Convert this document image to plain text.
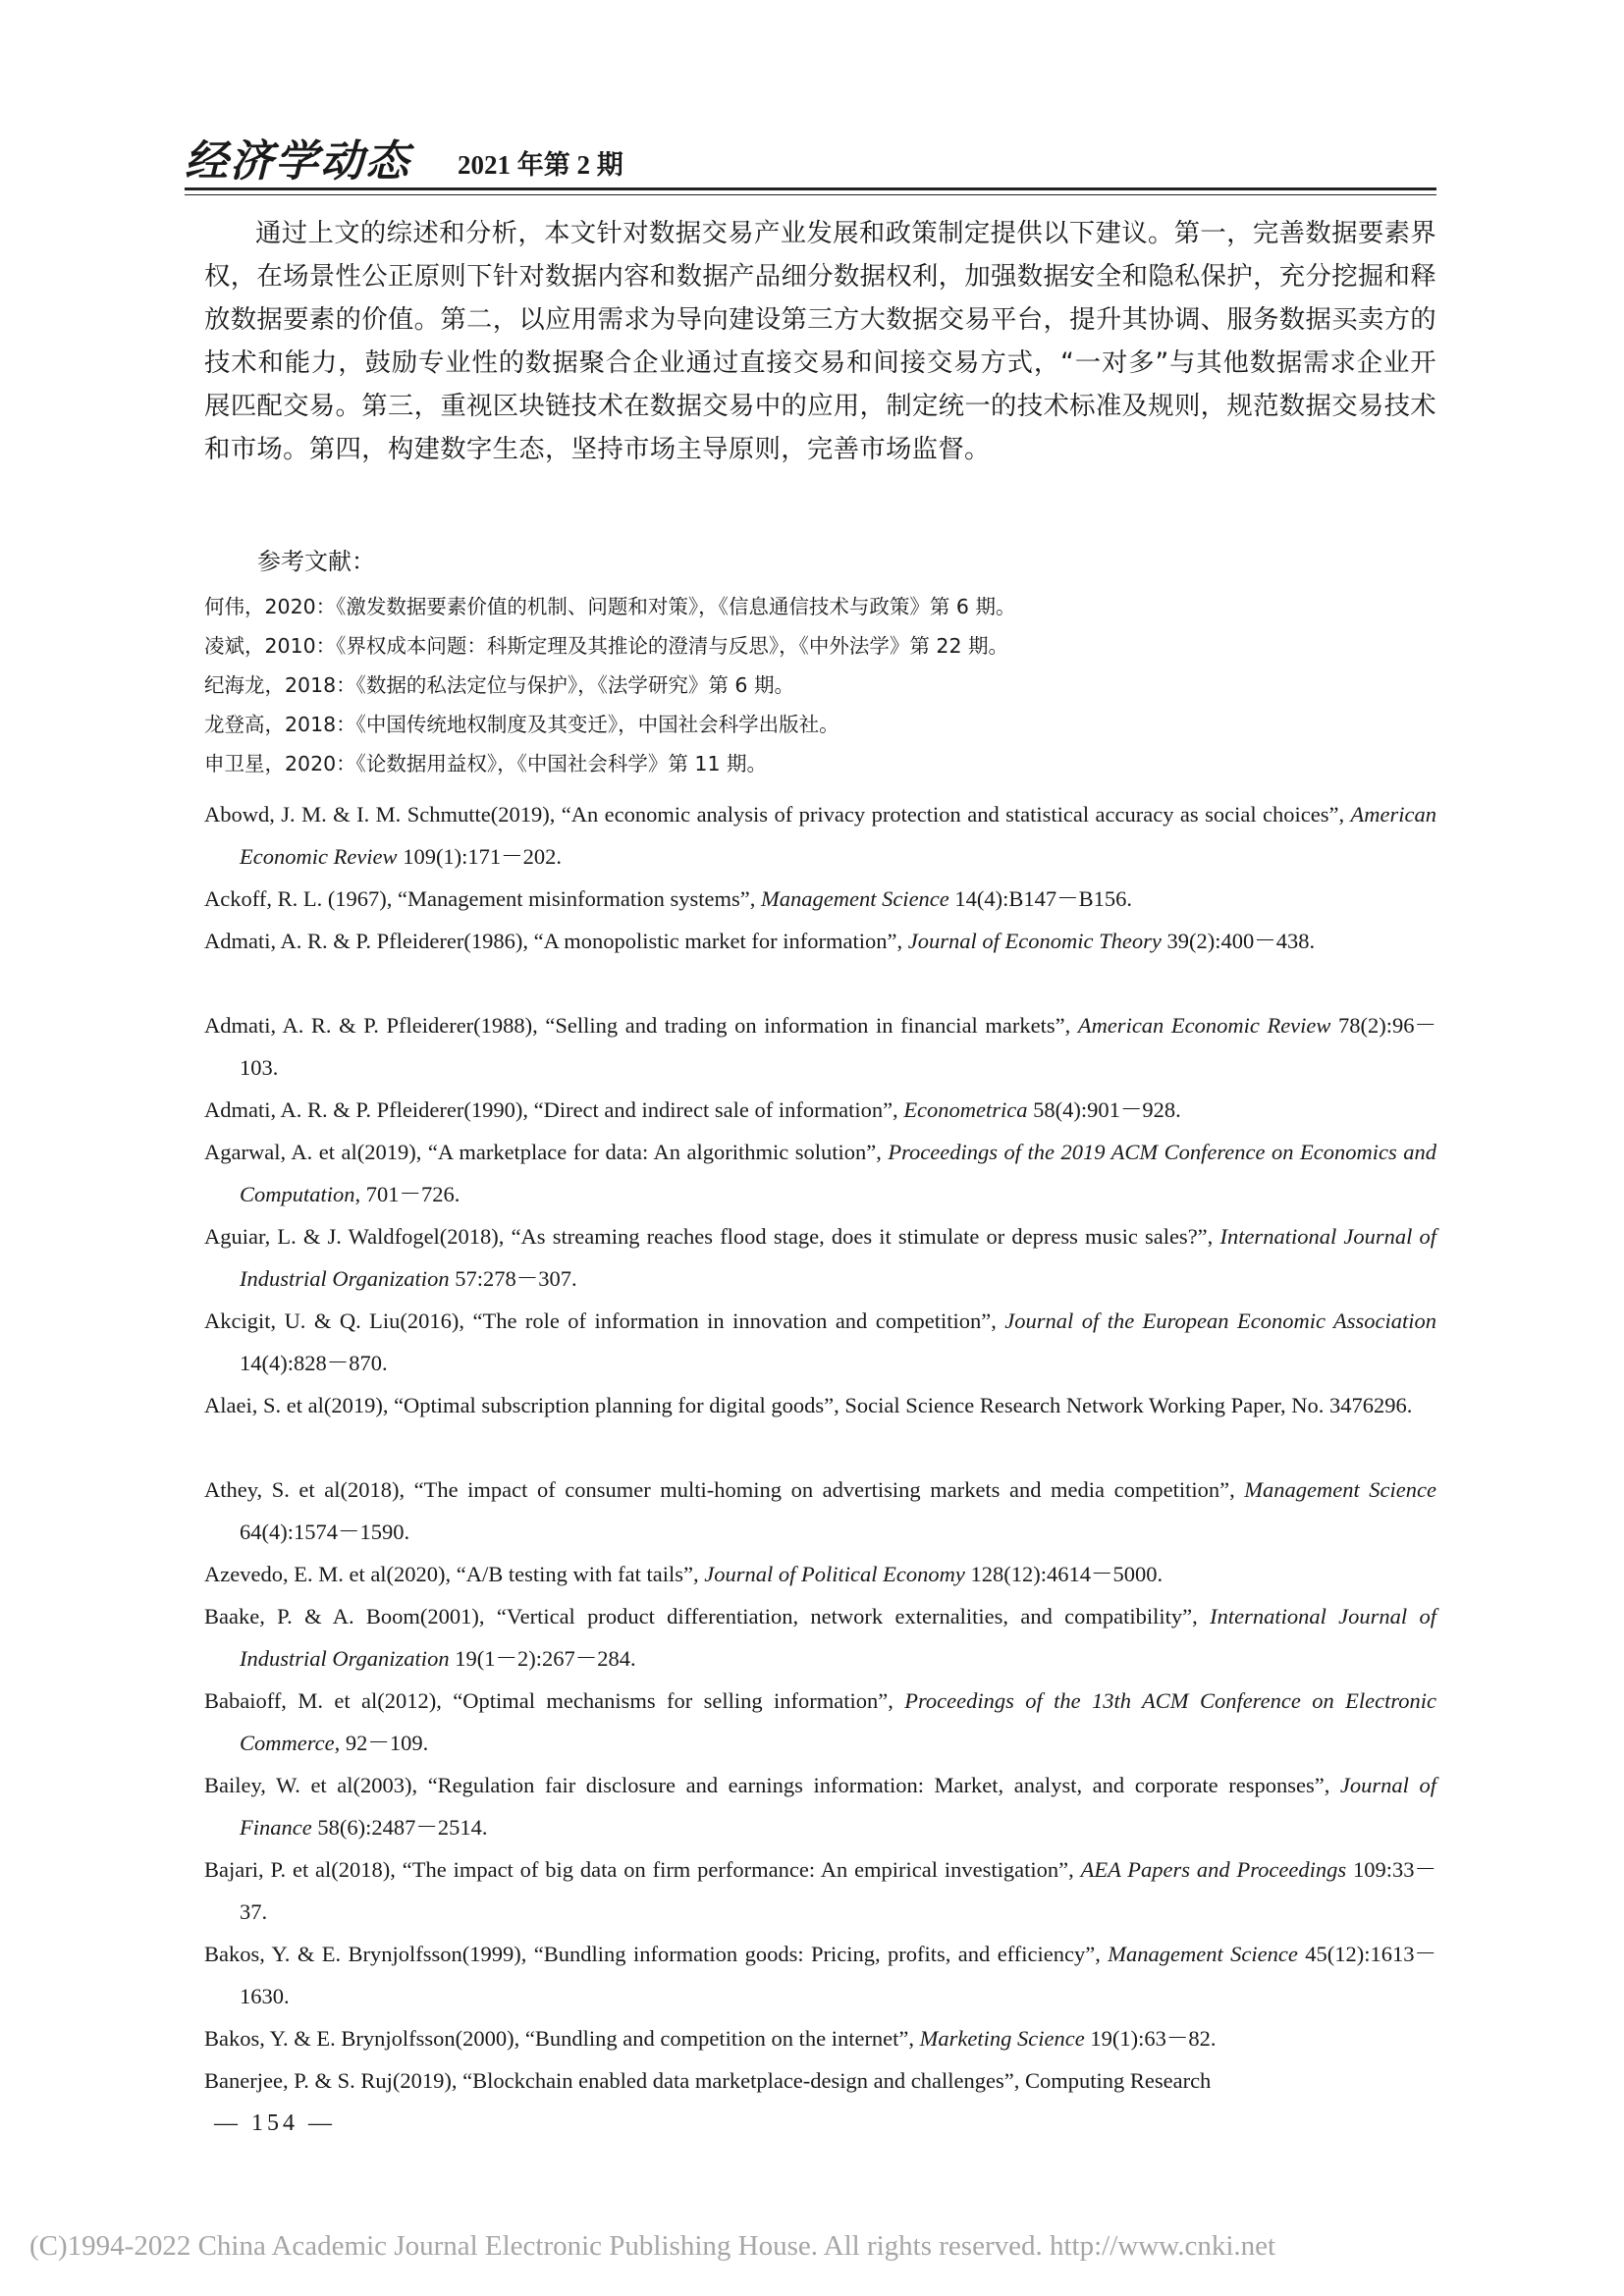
经济学动态 2021 年第 2 期

通过上文的综述和分析，本文针对数据交易产业发展和政策制定提供以下建议。第一，完善数据要素界权，在场景性公正原则下针对数据内容和数据产品细分数据权利，加强数据安全和隐私保护，充分挖掘和释放数据要素的价值。第二，以应用需求为导向建设第三方大数据交易平台，提升其协调、服务数据买卖方的技术和能力，鼓励专业性的数据聚合企业通过直接交易和间接交易方式，“一对多”与其他数据需求企业开展匹配交易。第三，重视区块链技术在数据交易中的应用，制定统一的技术标准及规则，规范数据交易技术和市场。第四，构建数字生态，坚持市场主导原则，完善市场监督。

参考文献：

何伟，2020：《激发数据要素价值的机制、问题和对策》，《信息通信技术与政策》第 6 期。
凌斌，2010：《界权成本问题：科斯定理及其推论的澄清与反思》，《中外法学》第 22 期。
纪海龙，2018：《数据的私法定位与保护》，《法学研究》第 6 期。
龙登高，2018：《中国传统地权制度及其变迁》，中国社会科学出版社。
申卫星，2020：《论数据用益权》，《中国社会科学》第 11 期。
Abowd, J. M. & I. M. Schmutte(2019), “An economic analysis of privacy protection and statistical accuracy as social choices”, American Economic Review 109(1):171－202.
Ackoff, R. L. (1967), “Management misinformation systems”, Management Science 14(4):B147－B156.
Admati, A. R. & P. Pfleiderer(1986), “A monopolistic market for information”, Journal of Economic Theory 39(2):400－438.
Admati, A. R. & P. Pfleiderer(1988), “Selling and trading on information in financial markets”, American Economic Review 78(2):96－103.
Admati, A. R. & P. Pfleiderer(1990), “Direct and indirect sale of information”, Econometrica 58(4):901－928.
Agarwal, A. et al(2019), “A marketplace for data: An algorithmic solution”, Proceedings of the 2019 ACM Conference on Economics and Computation, 701－726.
Aguiar, L. & J. Waldfogel(2018), “As streaming reaches flood stage, does it stimulate or depress music sales?”, International Journal of Industrial Organization 57:278－307.
Akcigit, U. & Q. Liu(2016), “The role of information in innovation and competition”, Journal of the European Economic Association 14(4):828－870.
Alaei, S. et al(2019), “Optimal subscription planning for digital goods”, Social Science Research Network Working Paper, No. 3476296.
Athey, S. et al(2018), “The impact of consumer multi-homing on advertising markets and media competition”, Management Science 64(4):1574－1590.
Azevedo, E. M. et al(2020), “A/B testing with fat tails”, Journal of Political Economy 128(12):4614－5000.
Baake, P. & A. Boom(2001), “Vertical product differentiation, network externalities, and compatibility”, International Journal of Industrial Organization 19(1－2):267－284.
Babaioff, M. et al(2012), “Optimal mechanisms for selling information”, Proceedings of the 13th ACM Conference on Electronic Commerce, 92－109.
Bailey, W. et al(2003), “Regulation fair disclosure and earnings information: Market, analyst, and corporate responses”, Journal of Finance 58(6):2487－2514.
Bajari, P. et al(2018), “The impact of big data on firm performance: An empirical investigation”, AEA Papers and Proceedings 109:33－37.
Bakos, Y. & E. Brynjolfsson(1999), “Bundling information goods: Pricing, profits, and efficiency”, Management Science 45(12):1613－1630.
Bakos, Y. & E. Brynjolfsson(2000), “Bundling and competition on the internet”, Marketing Science 19(1):63－82.
Banerjee, P. & S. Ruj(2019), “Blockchain enabled data marketplace-design and challenges”, Computing Research
— 154 —
(C)1994-2022 China Academic Journal Electronic Publishing House. All rights reserved. http://www.cnki.net
